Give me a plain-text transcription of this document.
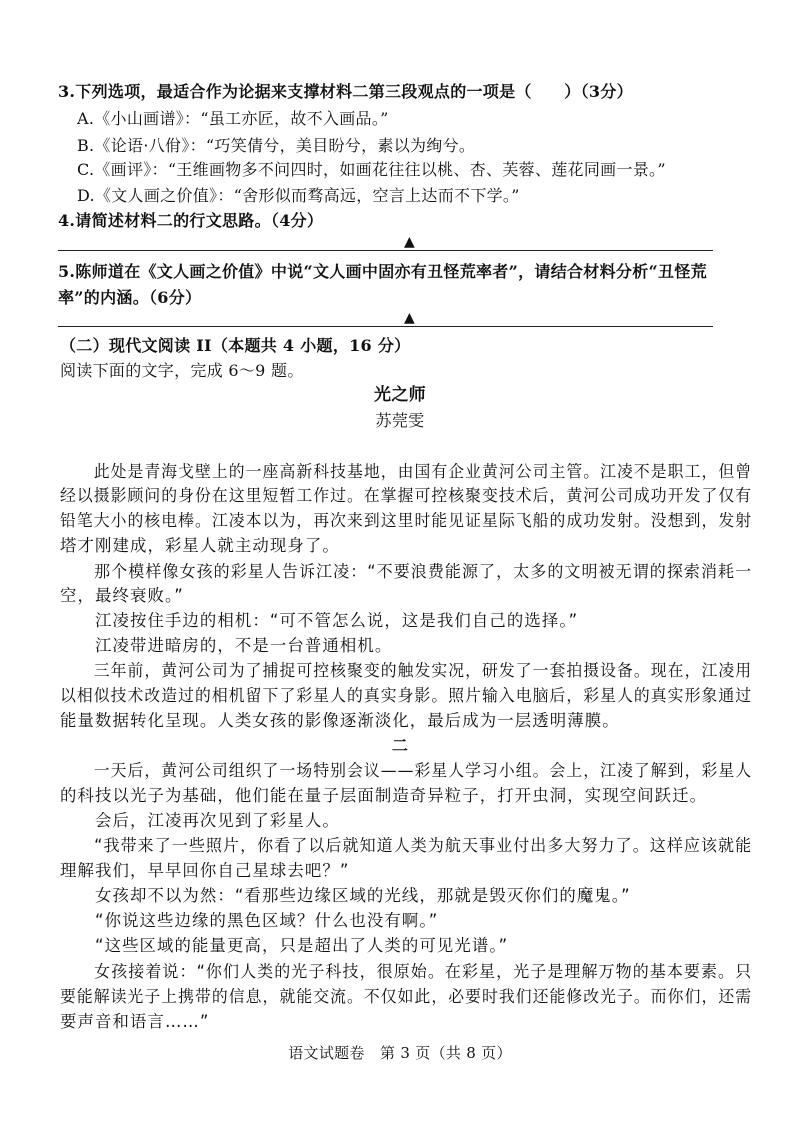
3.下列选项，最适合作为论据来支撑材料二第三段观点的一项是（　　）（3分）
A.《小山画谱》：“虽工亦匠，故不入画品。”
B.《论语·八佾》：“巧笑倩兮，美目盼兮，素以为绚兮。
C.《画评》：“王维画物多不问四时，如画花往往以桃、杏、芙蓉、莲花同画一景。”
D.《文人画之价值》：“舍形似而骛高远，空言上达而不下学。”
4.请简述材料二的行文思路。（4分）
▲
5.陈师道在《文人画之价值》中说“文人画中固亦有丑怪荒率者”，请结合材料分析“丑怪荒
率”的内涵。（6分）
▲
（二）现代文阅读 II（本题共 4 小题，16 分）
阅读下面的文字，完成 6～9 题。
光之师
苏莞雯
　　此处是青海戈壁上的一座高新科技基地，由国有企业黄河公司主管。江凌不是职工，但曾
经以摄影顾问的身份在这里短暂工作过。在掌握可控核聚变技术后，黄河公司成功开发了仅有
铅笔大小的核电棒。江凌本以为，再次来到这里时能见证星际飞船的成功发射。没想到，发射
塔才刚建成，彩星人就主动现身了。
　　那个模样像女孩的彩星人告诉江凌：“不要浪费能源了，太多的文明被无谓的探索消耗一
空，最终衰败。”
　　江凌按住手边的相机：“可不管怎么说，这是我们自己的选择。”
　　江凌带进暗房的，不是一台普通相机。
　　三年前，黄河公司为了捕捉可控核聚变的触发实况，研发了一套拍摄设备。现在，江凌用
以相似技术改造过的相机留下了彩星人的真实身影。照片输入电脑后，彩星人的真实形象通过
能量数据转化呈现。人类女孩的影像逐渐淡化，最后成为一层透明薄膜。
二
　　一天后，黄河公司组织了一场特别会议——彩星人学习小组。会上，江凌了解到，彩星人
的科技以光子为基础，他们能在量子层面制造奇异粒子，打开虫洞，实现空间跃迁。
　　会后，江凌再次见到了彩星人。
　　“我带来了一些照片，你看了以后就知道人类为航天事业付出多大努力了。这样应该就能
理解我们，早早回你自己星球去吧？”
　　女孩却不以为然：“看那些边缘区域的光线，那就是毁灭你们的魔鬼。”
　　“你说这些边缘的黑色区域？什么也没有啊。”
　　“这些区域的能量更高，只是超出了人类的可见光谱。”
　　女孩接着说：“你们人类的光子科技，很原始。在彩星，光子是理解万物的基本要素。只
要能解读光子上携带的信息，就能交流。不仅如此，必要时我们还能修改光子。而你们，还需
要声音和语言……”
语文试题卷　第 3 页（共 8 页）
